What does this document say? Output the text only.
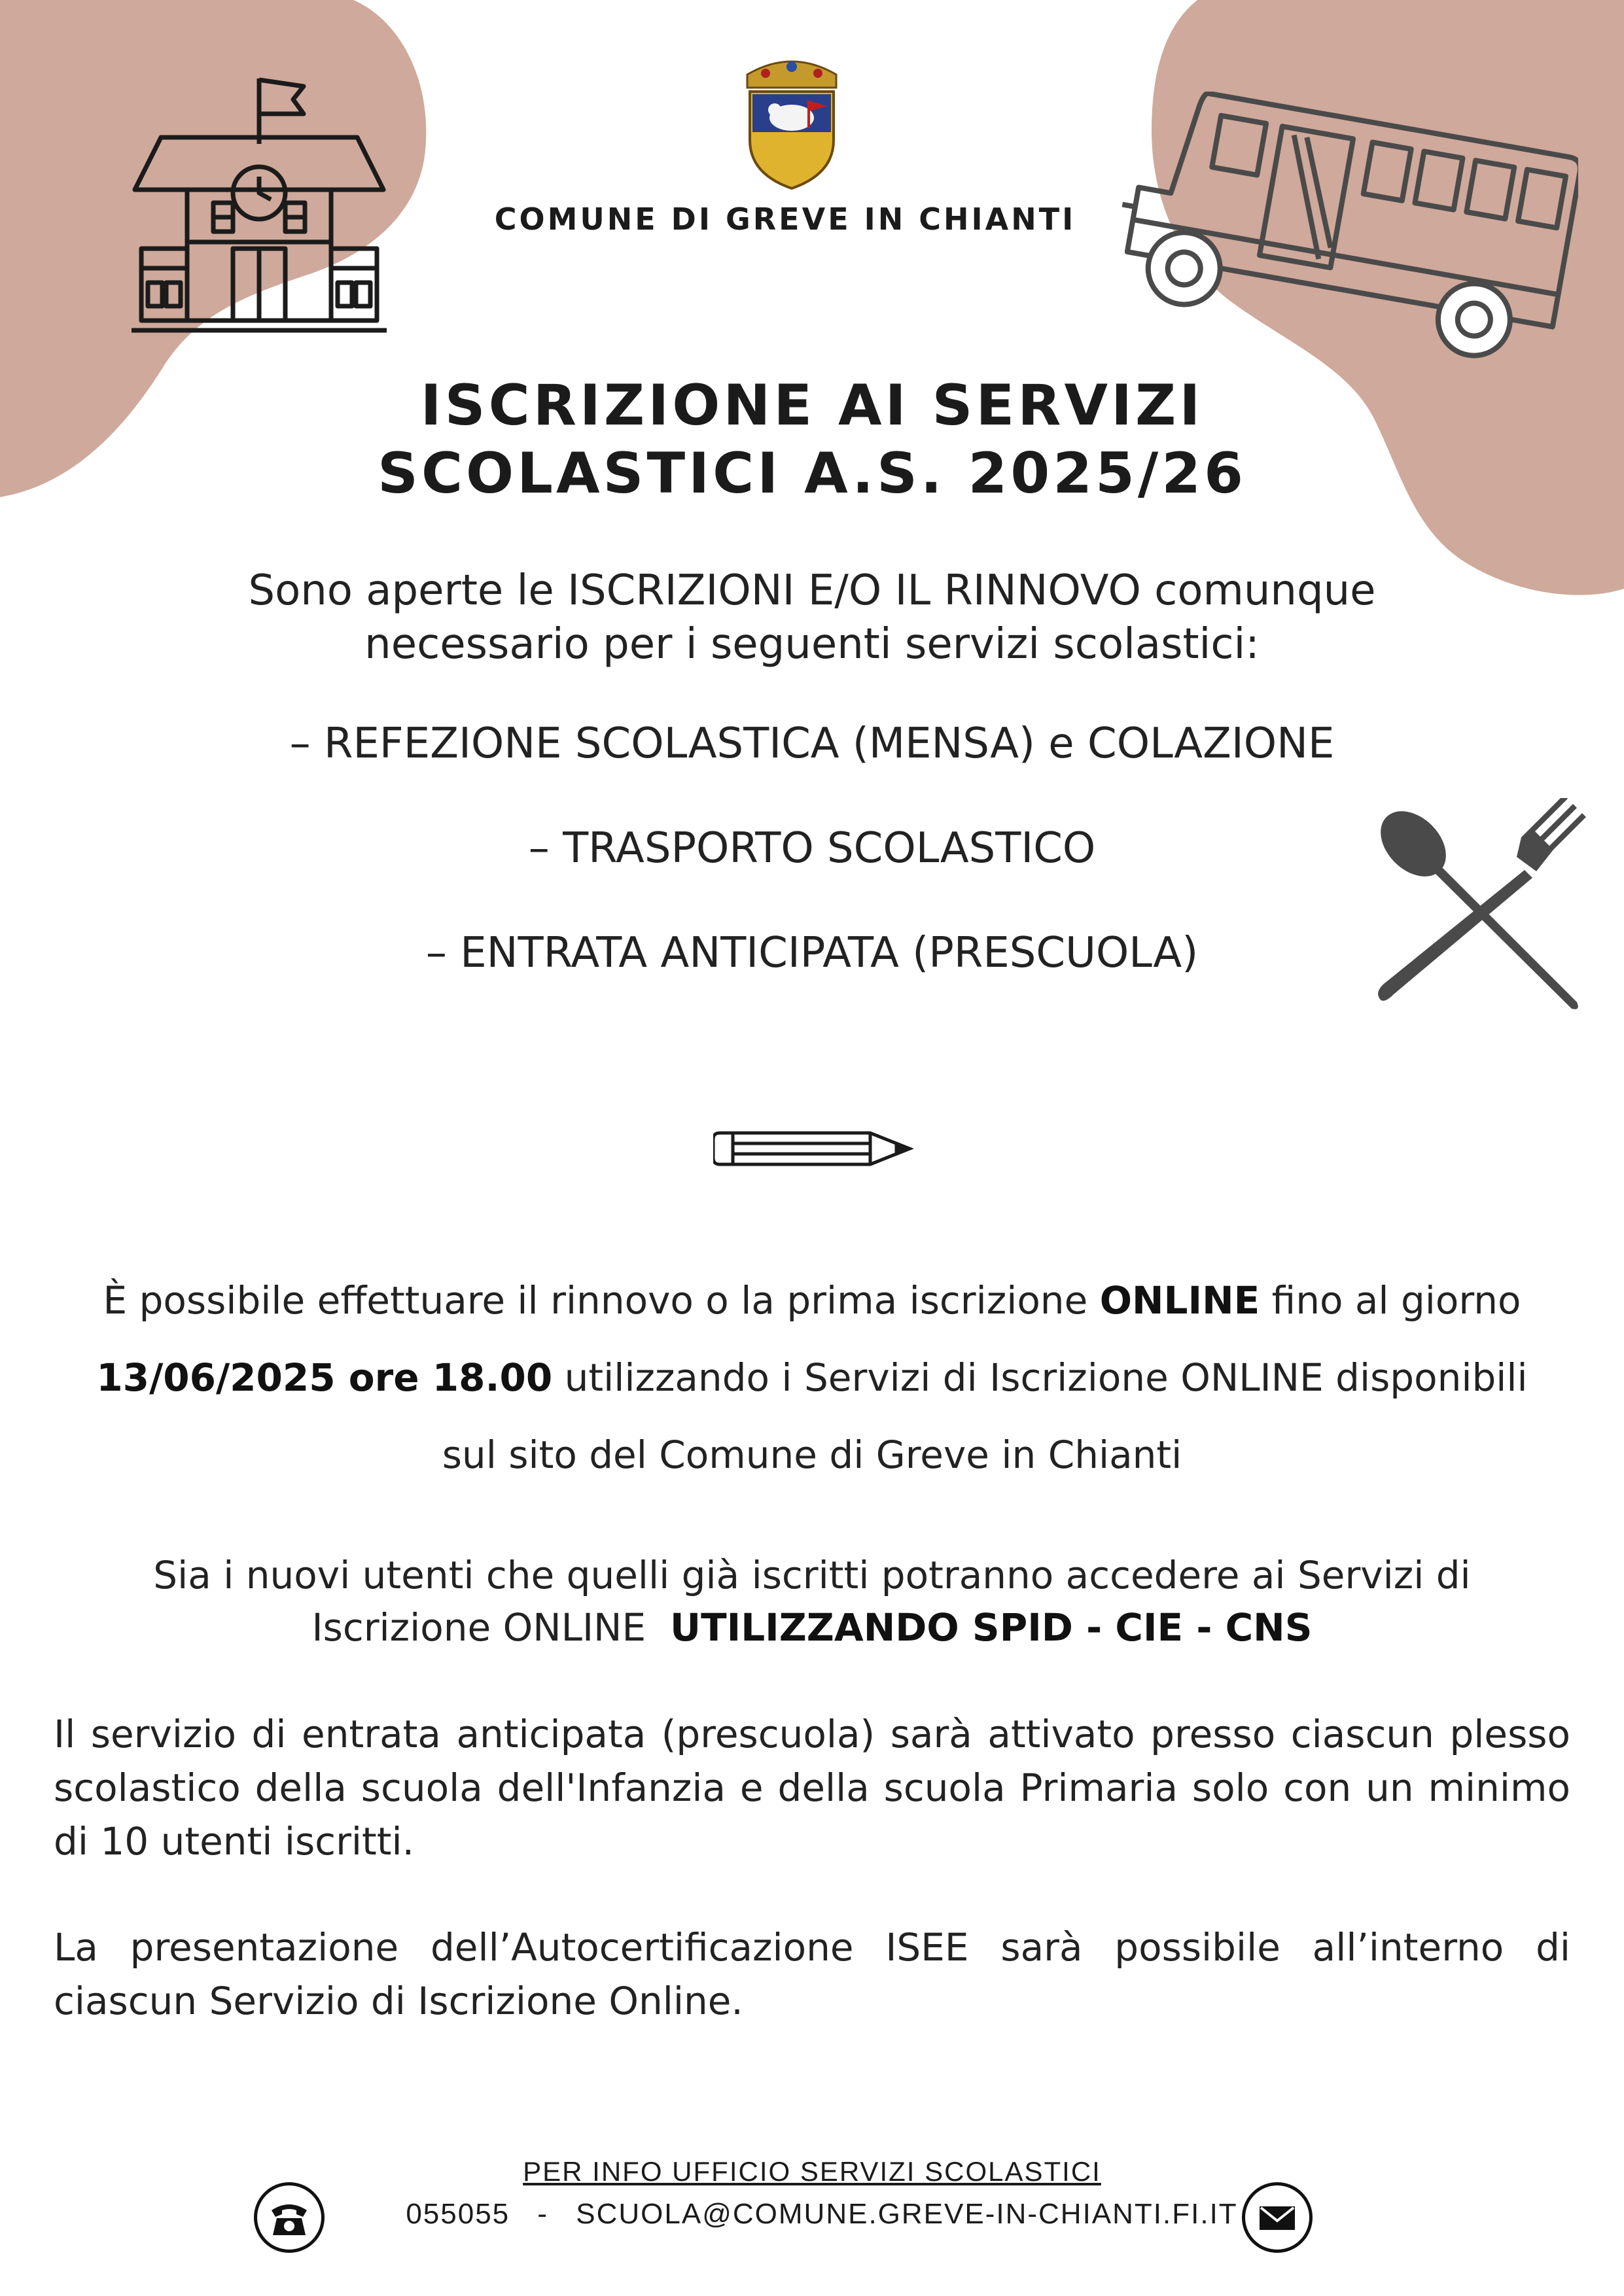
COMUNE DI GREVE IN CHIANTI
ISCRIZIONE AI SERVIZI
SCOLASTICI A.S. 2025/26
Sono aperte le ISCRIZIONI E/O IL RINNOVO comunque
necessario per i seguenti servizi scolastici:
– REFEZIONE SCOLASTICA (MENSA) e COLAZIONE
– TRASPORTO SCOLASTICO
– ENTRATA ANTICIPATA (PRESCUOLA)
È possibile effettuare il rinnovo o la prima iscrizione ONLINE fino al giorno
13/06/2025 ore 18.00 utilizzando i Servizi di Iscrizione ONLINE disponibili
sul sito del Comune di Greve in Chianti
Sia i nuovi utenti che quelli già iscritti potranno accedere ai Servizi di
Iscrizione ONLINE  UTILIZZANDO SPID - CIE - CNS
Il servizio di entrata anticipata (prescuola) sarà attivato presso ciascun plesso scolastico della scuola dell'Infanzia e della scuola Primaria solo con un minimo di 10 utenti iscritti.
La presentazione dell’Autocertificazione ISEE sarà possibile all’interno di ciascun Servizio di Iscrizione Online.
PER INFO UFFICIO SERVIZI SCOLASTICI
055055 - SCUOLA@COMUNE.GREVE-IN-CHIANTI.FI.IT
